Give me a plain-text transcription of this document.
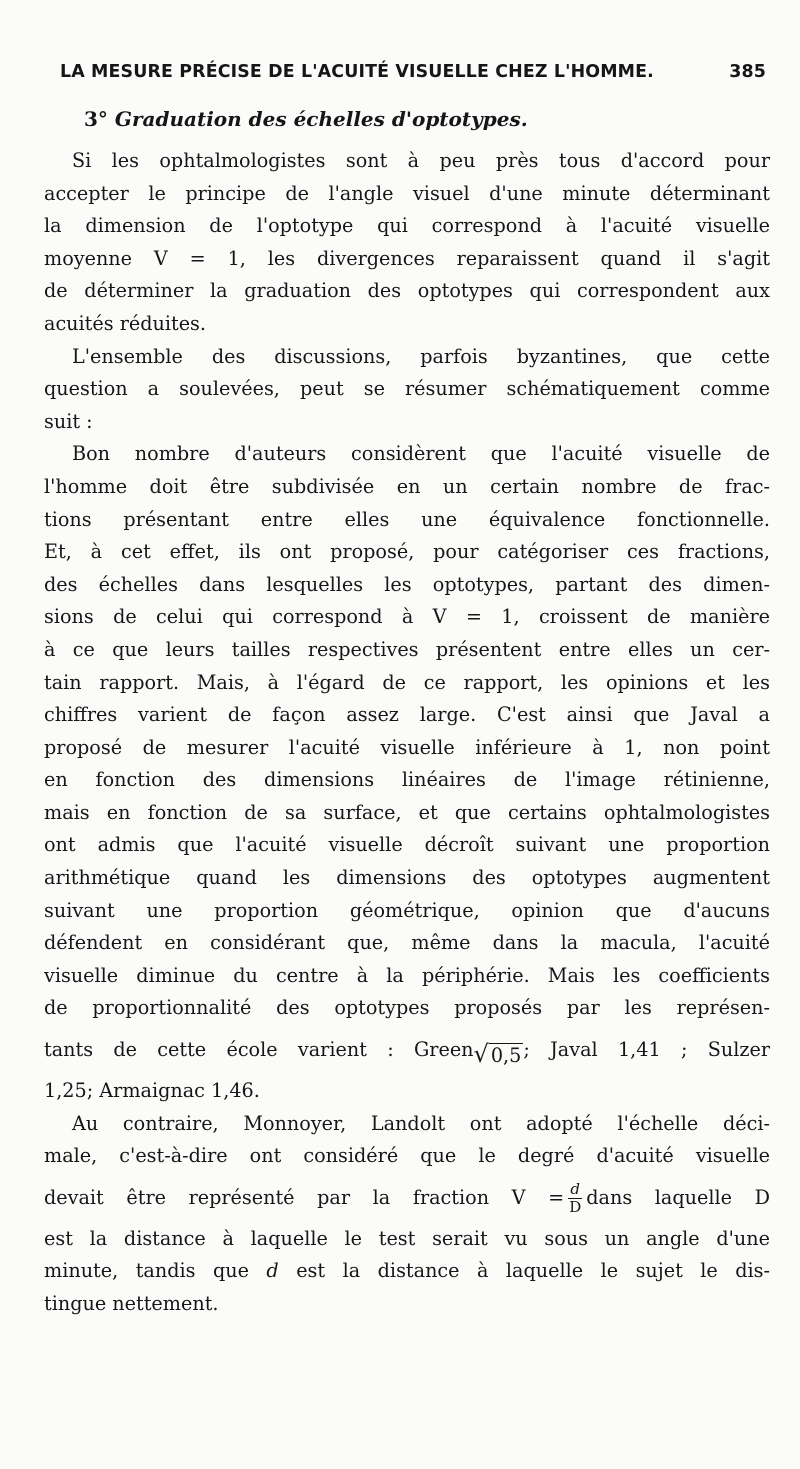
LA MESURE PRÉCISE DE L'ACUITÉ VISUELLE CHEZ L'HOMME.	385
3° Graduation des échelles d'optotypes.
Si les ophtalmologistes sont à peu près tous d'accord pour
accepter le principe de l'angle visuel d'une minute déterminant
la dimension de l'optotype qui correspond à l'acuité visuelle
moyenne V = 1, les divergences reparaissent quand il s'agit
de déterminer la graduation des optotypes qui correspondent aux
acuités réduites.
L'ensemble des discussions, parfois byzantines, que cette
question a soulevées, peut se résumer schématiquement comme
suit :
Bon nombre d'auteurs considèrent que l'acuité visuelle de
l'homme doit être subdivisée en un certain nombre de frac-
tions présentant entre elles une équivalence fonctionnelle.
Et, à cet effet, ils ont proposé, pour catégoriser ces fractions,
des échelles dans lesquelles les optotypes, partant des dimen-
sions de celui qui correspond à V = 1, croissent de manière
à ce que leurs tailles respectives présentent entre elles un cer-
tain rapport. Mais, à l'égard de ce rapport, les opinions et les
chiffres varient de façon assez large. C'est ainsi que Javal a
proposé de mesurer l'acuité visuelle inférieure à 1, non point
en fonction des dimensions linéaires de l'image rétinienne,
mais en fonction de sa surface, et que certains ophtalmologistes
ont admis que l'acuité visuelle décroît suivant une proportion
arithmétique quand les dimensions des optotypes augmentent
suivant une proportion géométrique, opinion que d'aucuns
défendent en considérant que, même dans la macula, l'acuité
visuelle diminue du centre à la périphérie. Mais les coefficients
de proportionnalité des optotypes proposés par les représen-
tants de cette école varient : Green√ 0,5 ; Javal 1,41 ; Sulzer
1,25; Armaignac 1,46.
Au contraire, Monnoyer, Landolt ont adopté l'échelle déci-
male, c'est-à-dire ont considéré que le degré d'acuité visuelle
devait être représenté par la fraction $V = \frac{d}{D}$ dans laquelle D
est la distance à laquelle le test serait vu sous un angle d'une
minute, tandis que d est la distance à laquelle le sujet le dis-
tingue nettement.
